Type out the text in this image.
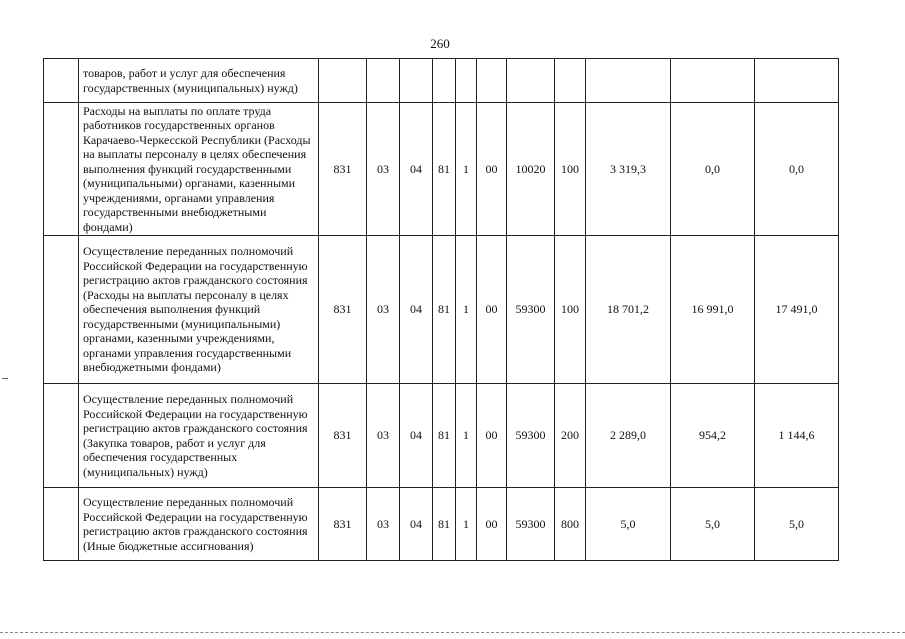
260
	товаров, работ и услуг для обеспечения государственных (муниципальных) нужд)											
	Расходы на выплаты по оплате труда работников государственных органов Карачаево-Черкесской Республики (Расходы на выплаты персоналу в целях обеспечения выполнения функций государственными (муниципальными) органами, казенными учреждениями, органами управления государственными внебюджетными фондами)	831	03	04	81	1	00	10020	100	3 319,3	0,0	0,0
	Осуществление переданных полномочий Российской Федерации на государственную регистрацию актов гражданского состояния (Расходы на выплаты персоналу в целях обеспечения выполнения функций государственными (муниципальными) органами, казенными учреждениями, органами управления государственными внебюджетными фондами)	831	03	04	81	1	00	59300	100	18 701,2	16 991,0	17 491,0
	Осуществление переданных полномочий Российской Федерации на государственную регистрацию актов гражданского состояния (Закупка товаров, работ и услуг для обеспечения государственных (муниципальных) нужд)	831	03	04	81	1	00	59300	200	2 289,0	954,2	1 144,6
	Осуществление переданных полномочий Российской Федерации на государственную регистрацию актов гражданского состояния (Иные бюджетные ассигнования)	831	03	04	81	1	00	59300	800	5,0	5,0	5,0
